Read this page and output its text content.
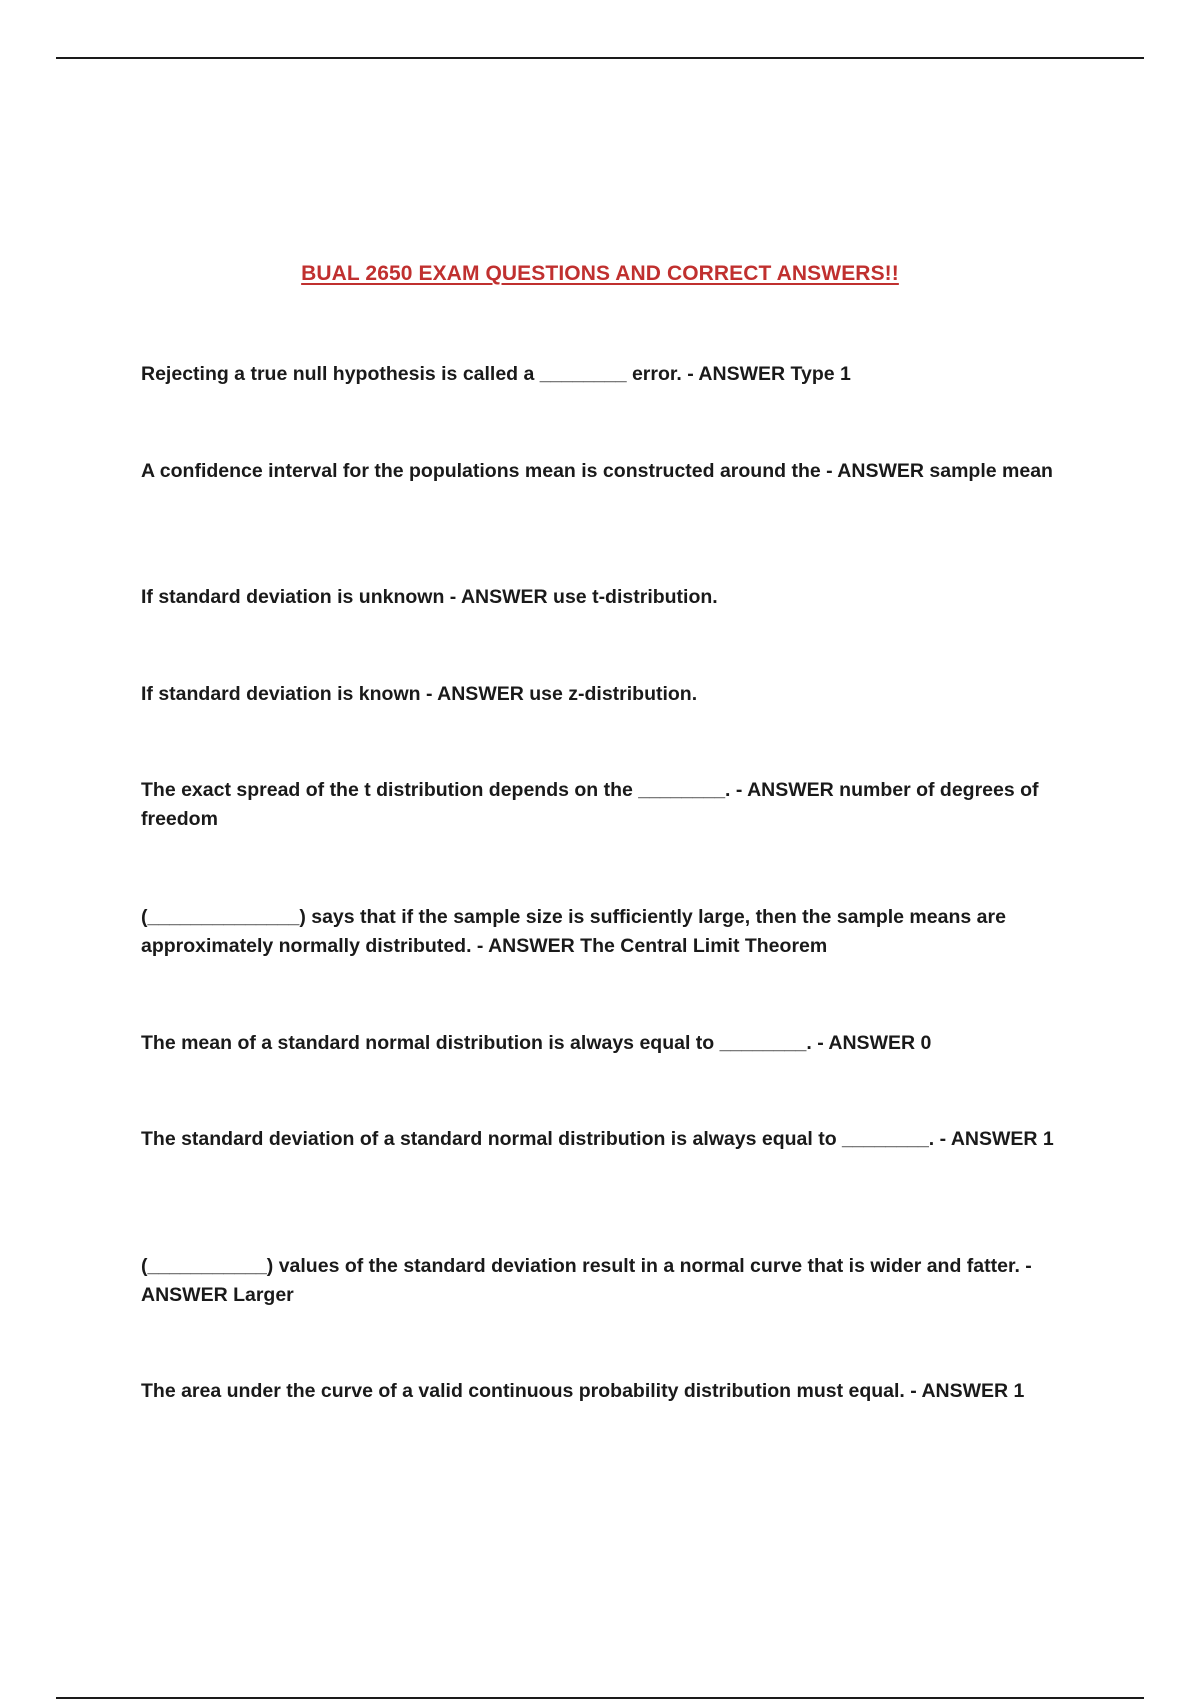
BUAL 2650 EXAM QUESTIONS AND CORRECT ANSWERS!!

Rejecting a true null hypothesis is called a ________ error. - ANSWER Type 1

A confidence interval for the populations mean is constructed around the - ANSWER sample mean

If standard deviation is unknown - ANSWER use t-distribution.

If standard deviation is known - ANSWER use z-distribution.

The exact spread of the t distribution depends on the ________. - ANSWER number of degrees of freedom

(______________) says that if the sample size is sufficiently large, then the sample means are approximately normally distributed. - ANSWER The Central Limit Theorem

The mean of a standard normal distribution is always equal to ________. - ANSWER 0

The standard deviation of a standard normal distribution is always equal to ________. - ANSWER 1

(___________) values of the standard deviation result in a normal curve that is wider and fatter. - ANSWER Larger

The area under the curve of a valid continuous probability distribution must equal. - ANSWER 1
